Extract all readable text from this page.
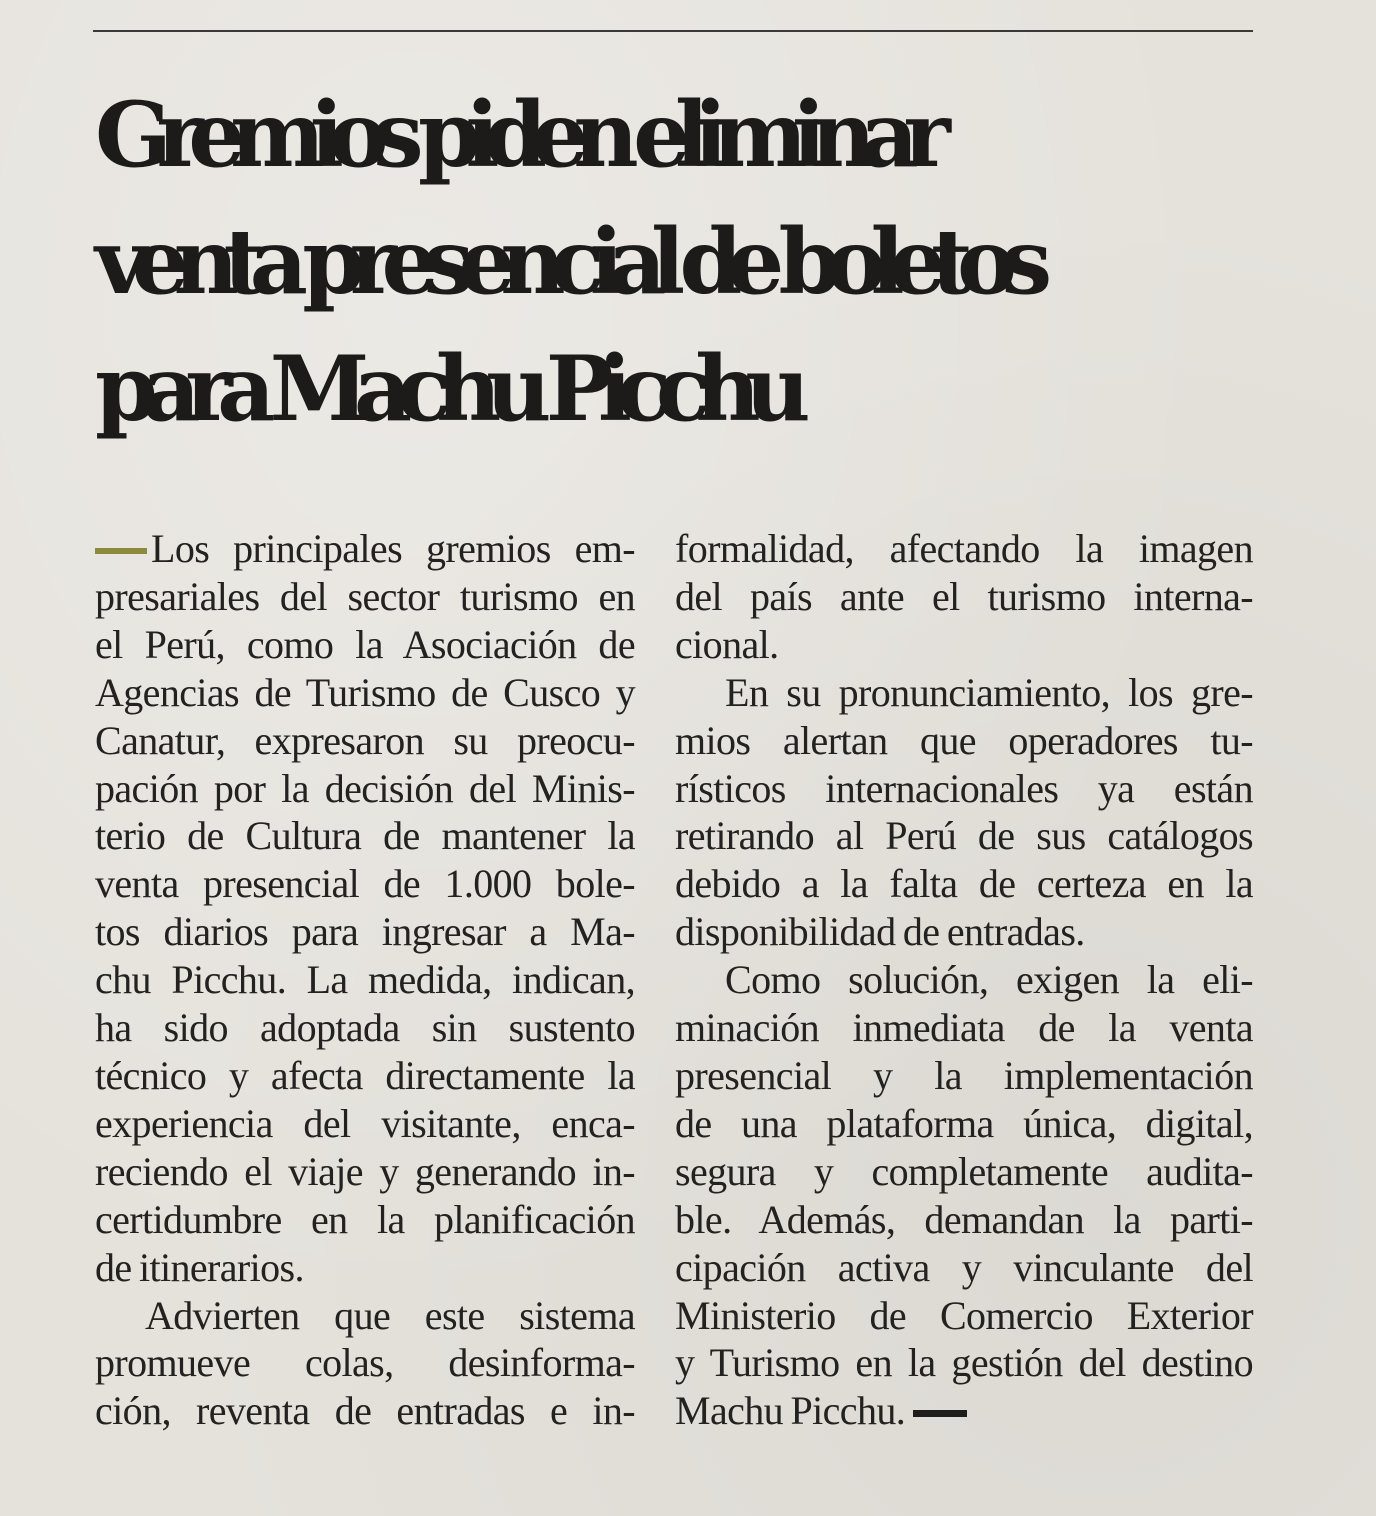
Gremios piden eliminar
venta presencial de boletos
para Machu Picchu
Los principales gremios em-
presariales del sector turismo en
el Perú, como la Asociación de
Agencias de Turismo de Cusco y
Canatur, expresaron su preocu-
pación por la decisión del Minis-
terio de Cultura de mantener la
venta presencial de 1.000 bole-
tos diarios para ingresar a Ma-
chu Picchu. La medida, indican,
ha sido adoptada sin sustento
técnico y afecta directamente la
experiencia del visitante, enca-
reciendo el viaje y generando in-
certidumbre en la planificación
de itinerarios.
Advierten que este sistema
promueve colas, desinforma-
ción, reventa de entradas e in-
formalidad, afectando la imagen
del país ante el turismo interna-
cional.
En su pronunciamiento, los gre-
mios alertan que operadores tu-
rísticos internacionales ya están
retirando al Perú de sus catálogos
debido a la falta de certeza en la
disponibilidad de entradas.
Como solución, exigen la eli-
minación inmediata de la venta
presencial y la implementación
de una plataforma única, digital,
segura y completamente audita-
ble. Además, demandan la parti-
cipación activa y vinculante del
Ministerio de Comercio Exterior
y Turismo en la gestión del destino
Machu Picchu.
